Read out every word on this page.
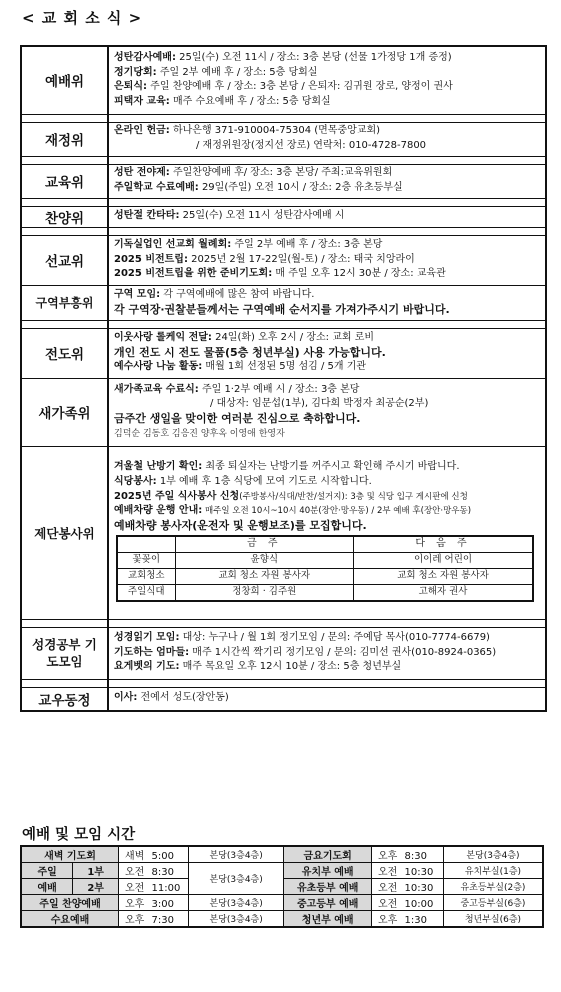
< 교 회 소 식 >
예배위	
성탄감사예배: 25일(수) 오전 11시 / 장소: 3층 본당 (선물 1가정당 1개 증정)
정기당회: 주일 2부 예배 후 / 장소: 5층 당회실
은퇴식: 주일 찬양예배 후 / 장소: 3층 본당 / 은퇴자: 김귀원 장로, 양정이 권사
피택자 교육: 매주 수요예배 후 / 장소: 5층 당회실

재정위	
온라인 헌금: 하나은행 371-910004-75304 (면목중앙교회)
/ 재정위원장(정지선 장로) 연락처: 010-4728-7800

교육위	
성탄 전야제: 주일찬양예배 후/ 장소: 3층 본당/ 주최:교육위원회
주일학교 수료예배: 29일(주일) 오전 10시 / 장소: 2층 유초등부실

찬양위	성탄절 칸타타: 25일(수) 오전 11시 성탄감사예배 시

선교위	
기독실업인 선교회 월례회: 주일 2부 예배 후 / 장소: 3층 본당
2025 비전트립: 2025년 2월 17-22일(월-토) / 장소: 태국 치앙라이
2025 비전트립을 위한 준비기도회: 매 주일 오후 12시 30분 / 장소: 교육관

구역부흥위	
구역 모임: 각 구역예배에 많은 참여 바랍니다.
각 구역장·권찰분들께서는 구역예배 순서지를 가져가주시기 바랍니다.

전도위	
이웃사랑 롤케익 전달: 24일(화) 오후 2시 / 장소: 교회 로비
개인 전도 시 전도 물품(5층 청년부실) 사용 가능합니다.
예수사랑 나눔 활동: 매월 1회 선정된 5명 섬김 / 5개 기관

새가족위	
새가족교육 수료식: 주일 1·2부 예배 시 / 장소: 3층 본당
/ 대상자: 임문섭(1부), 김다희 박정자 최공순(2부)
금주간 생일을 맞이한 여러분 진심으로 축하합니다.
김덕순 김동호 김응진 양후옥 이영애 한영자

제단봉사위	
겨울철 난방기 확인: 최종 퇴실자는 난방기를 꺼주시고 확인해 주시기 바랍니다.
식당봉사: 1부 예배 후 1층 식당에 모여 기도로 시작합니다.
2025년 주일 식사봉사 신청(주방봉사/식대/반찬/설거지): 3층 및 식당 입구 게시판에 신청
예배차량 운행 안내: 매주일 오전 10시~10시 40분(장안·망우동) / 2부 예배 후(장안·망우동)
예배차량 봉사자(운전자 및 운행보조)를 모집합니다.
	금 주	다 음 주
꽃꽂이	윤향식	이이레 어린이
교회청소	교회 청소 자원 봉사자	교회 청소 자원 봉사자
주일식대	정창희 · 김주원	고해자 권사

성경공부 기도모임	
성경읽기 모임: 대상: 누구나 / 월 1회 정기모임 / 문의: 주예담 목사(010-7774-6679)
기도하는 엄마들: 매주 1시간씩 짝기리 정기모임 / 문의: 김미선 권사(010-8924-0365)
요게벳의 기도: 매주 목요일 오후 12시 10분 / 장소: 5층 청년부실

교우동정	이사: 전예서 성도(장안동)
예배 및 모임 시간
새벽 기도회		새벽 5:00	본당(3층4층)	금요기도회	오후 8:30	본당(3층4층)
주일	1부	오전 8:30	본당(3층4층)	유치부 예배	오전 10:30	유치부실(1층)
예배	2부	오전 11:00		유초등부 예배	오전 10:30	유초등부실(2층)
주일 찬양예배		오후 3:00	본당(3층4층)	중고등부 예배	오전 10:00	중고등부실(6층)
수요예배		오후 7:30	본당(3층4층)	청년부 예배	오후 1:30	청년부실(6층)
